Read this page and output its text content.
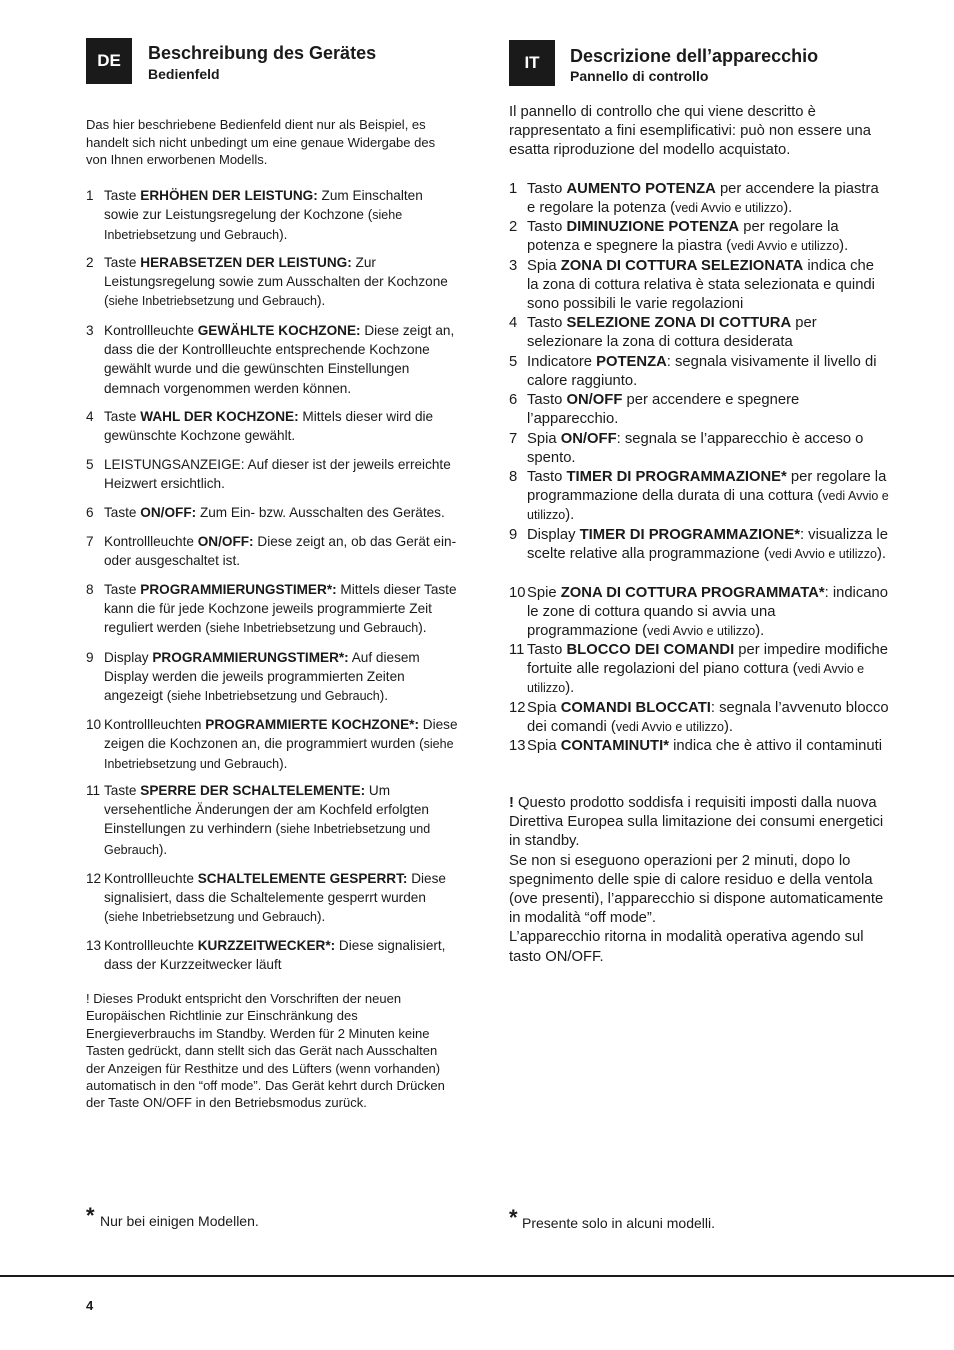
DE	Beschreibung des Gerätes
Bedienfeld
IT	Descrizione dell’apparecchio
Pannello di controllo
Das hier beschriebene Bedienfeld dient nur als Beispiel, es handelt sich nicht unbedingt um eine genaue Widergabe des von Ihnen erworbenen Modells.
1 Taste ERHÖHEN DER LEISTUNG: Zum Einschalten sowie zur Leistungsregelung der Kochzone (siehe Inbetriebsetzung und Gebrauch).
2 Taste HERABSETZEN DER LEISTUNG: Zur Leistungsregelung sowie zum Ausschalten der Kochzone (siehe Inbetriebsetzung und Gebrauch).
3 Kontrollleuchte GEWÄHLTE KOCHZONE: Diese zeigt an, dass die der Kontrollleuchte entsprechende Kochzone gewählt wurde und die gewünschten Einstellungen demnach vorgenommen werden können.
4 Taste WAHL DER KOCHZONE: Mittels dieser wird die gewünschte Kochzone gewählt.
5 LEISTUNGSANZEIGE: Auf dieser ist der jeweils erreichte Heizwert ersichtlich.
6 Taste ON/OFF: Zum Ein- bzw. Ausschalten des Gerätes.
7 Kontrollleuchte ON/OFF: Diese zeigt an, ob das Gerät ein- oder ausgeschaltet ist.
8 Taste PROGRAMMIERUNGSTIMER*: Mittels dieser Taste kann die für jede Kochzone jeweils programmierte Zeit reguliert werden (siehe Inbetriebsetzung und Gebrauch).
9 Display PROGRAMMIERUNGSTIMER*: Auf diesem Display werden die jeweils programmierten Zeiten angezeigt (siehe Inbetriebsetzung und Gebrauch).
10 Kontrollleuchten PROGRAMMIERTE KOCHZONE*: Diese zeigen die Kochzonen an, die programmiert wurden (siehe Inbetriebsetzung und Gebrauch).
11 Taste SPERRE DER SCHALTELEMENTE: Um versehentliche Änderungen der am Kochfeld erfolgten Einstellungen zu verhindern (siehe Inbetriebsetzung und Gebrauch).
12 Kontrollleuchte SCHALTELEMENTE GESPERRT: Diese signalisiert, dass die Schaltelemente gesperrt wurden (siehe Inbetriebsetzung und Gebrauch).
13 Kontrollleuchte KURZZEITWECKER*: Diese signalisiert, dass der Kurzzeitwecker läuft
! Dieses Produkt entspricht den Vorschriften der neuen Europäischen Richtlinie zur Einschränkung des Energieverbrauchs im Standby. Werden für 2 Minuten keine Tasten gedrückt, dann stellt sich das Gerät nach Ausschalten der Anzeigen für Resthitze und des Lüfters (wenn vorhanden) automatisch in den “off mode”. Das Gerät kehrt durch Drücken der Taste ON/OFF in den Betriebsmodus zurück.
Il pannello di controllo che qui viene descritto è rappresentato a fini esemplificativi: può non essere una esatta riproduzione del modello acquistato.
1 Tasto AUMENTO POTENZA per accendere la piastra e regolare la potenza (vedi Avvio e utilizzo).
2 Tasto DIMINUZIONE POTENZA per regolare la potenza e spegnere la piastra (vedi Avvio e utilizzo).
3 Spia ZONA DI COTTURA SELEZIONATA indica che la zona di cottura relativa è stata selezionata e quindi sono possibili le varie regolazioni
4 Tasto SELEZIONE ZONA DI COTTURA per selezionare la zona di cottura desiderata
5 Indicatore POTENZA: segnala visivamente il livello di calore raggiunto.
6 Tasto ON/OFF per accendere e spegnere l’apparecchio.
7 Spia ON/OFF: segnala se l’apparecchio è acceso o spento.
8 Tasto TIMER DI PROGRAMMAZIONE* per regolare la programmazione della durata di una cottura (vedi Avvio e utilizzo).
9 Display TIMER DI PROGRAMMAZIONE*: visualizza le scelte relative alla programmazione (vedi Avvio e utilizzo).
10 Spie ZONA DI COTTURA PROGRAMMATA*: indicano le zone di cottura quando si avvia una programmazione (vedi Avvio e utilizzo).
11 Tasto BLOCCO DEI COMANDI per impedire modifiche fortuite alle regolazioni del piano cottura (vedi Avvio e utilizzo).
12 Spia COMANDI BLOCCATI: segnala l’avvenuto blocco dei comandi (vedi Avvio e utilizzo).
13 Spia CONTAMINUTI* indica che è attivo il contaminuti
! Questo prodotto soddisfa i requisiti imposti dalla nuova Direttiva Europea sulla limitazione dei consumi energetici in standby.
Se non si eseguono operazioni per 2 minuti, dopo lo spegnimento delle spie di calore residuo e della ventola (ove presenti), l’apparecchio si dispone automaticamente in modalità “off mode”.
L’apparecchio ritorna in modalità operativa agendo sul tasto ON/OFF.
* Nur bei einigen Modellen.	* Presente solo in alcuni modelli.
4
